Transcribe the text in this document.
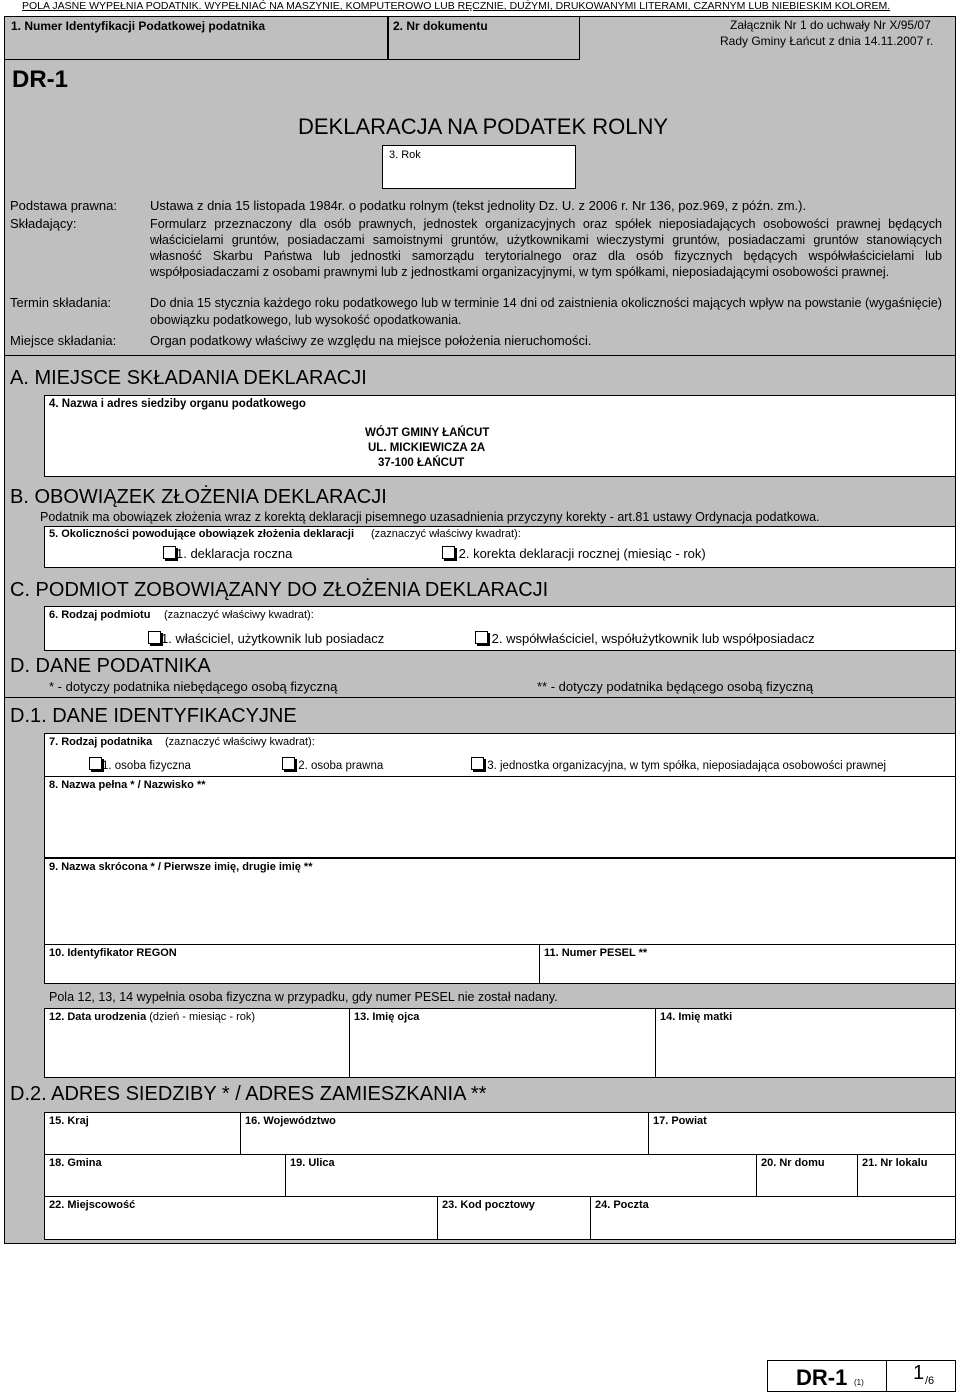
POLA JASNE WYPEŁNIA PODATNIK. WYPEŁNIAĆ NA MASZYNIE, KOMPUTEROWO LUB RĘCZNIE, DUŻYMI, DRUKOWANYMI LITERAMI, CZARNYM LUB NIEBIESKIM KOLOREM.
1. Numer Identyfikacji Podatkowej podatnika	2. Nr dokumentu	Załącznik Nr 1 do uchwały Nr X/95/07
Rady Gminy Łańcut z dnia 14.11.2007 r.
DR-1
DEKLARACJA NA PODATEK ROLNY
3. Rok
Podstawa prawna:	Ustawa z dnia 15 listopada 1984r. o podatku rolnym (tekst jednolity Dz. U. z 2006 r. Nr 136, poz.969, z późn. zm.).
Składający:	Formularz przeznaczony dla osób prawnych, jednostek organizacyjnych oraz spółek nieposiadających osobowości prawnej będących właścicielami gruntów, posiadaczami samoistnymi gruntów, użytkownikami wieczystymi gruntów, posiadaczami gruntów stanowiących własność Skarbu Państwa lub jednostki samorządu terytorialnego oraz dla osób fizycznych będących współwłaścicielami lub współposiadaczami z osobami prawnymi lub z jednostkami organizacyjnymi, w tym spółkami, nieposiadającymi osobowości prawnej.
Termin składania:	Do dnia 15 stycznia każdego roku podatkowego lub w terminie 14 dni od zaistnienia okoliczności mających wpływ na powstanie (wygaśnięcie) obowiązku podatkowego, lub wysokość opodatkowania.
Miejsce składania:	Organ podatkowy właściwy ze względu na miejsce położenia nieruchomości.
A. MIEJSCE SKŁADANIA DEKLARACJI
4. Nazwa i adres siedziby organu podatkowego
WÓJT GMINY ŁAŃCUT
UL. MICKIEWICZA 2A
37-100 ŁAŃCUT
B. OBOWIĄZEK ZŁOŻENIA DEKLARACJI
Podatnik ma obowiązek złożenia wraz z korektą deklaracji pisemnego uzasadnienia przyczyny korekty - art.81 ustawy Ordynacja podatkowa.
5. Okoliczności powodujące obowiązek złożenia deklaracji (zaznaczyć właściwy kwadrat):
1. deklaracja roczna	2. korekta deklaracji rocznej (miesiąc - rok)
C. PODMIOT ZOBOWIĄZANY DO ZŁOŻENIA DEKLARACJI
6. Rodzaj podmiotu (zaznaczyć właściwy kwadrat):
1. właściciel, użytkownik lub posiadacz	2. współwłaściciel, współużytkownik lub współposiadacz
D. DANE PODATNIKA
* - dotyczy podatnika niebędącego osobą fizyczną	** - dotyczy podatnika będącego osobą fizyczną
D.1. DANE IDENTYFIKACYJNE
7. Rodzaj podatnika (zaznaczyć właściwy kwadrat):
1. osoba fizyczna	2. osoba prawna	3. jednostka organizacyjna, w tym spółka, nieposiadająca osobowości prawnej
8. Nazwa pełna * / Nazwisko **
9. Nazwa skrócona * / Pierwsze imię, drugie imię **
10. Identyfikator REGON	11. Numer PESEL **
Pola 12, 13, 14 wypełnia osoba fizyczna w przypadku, gdy numer PESEL nie został nadany.
12. Data urodzenia (dzień - miesiąc - rok)	13. Imię ojca	14. Imię matki
D.2. ADRES SIEDZIBY * / ADRES ZAMIESZKANIA **
15. Kraj	16. Województwo	17. Powiat
18. Gmina	19. Ulica	20. Nr domu	21. Nr lokalu
22. Miejscowość	23. Kod pocztowy	24. Poczta
DR-1 (1) 1 /6
